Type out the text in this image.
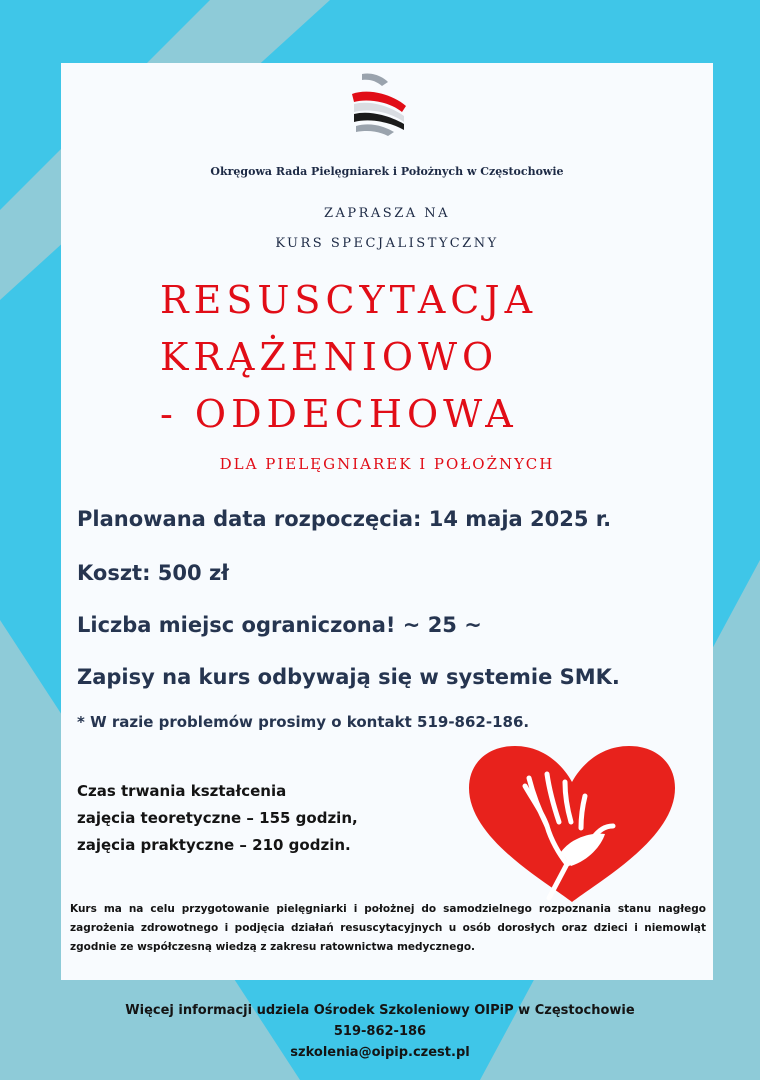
Okręgowa Rada Pielęgniarek i Położnych w Częstochowie
ZAPRASZA NA
KURS SPECJALISTYCZNY
RESUSCYTACJA
KRĄŻENIOWO
- ODDECHOWA
DLA PIELĘGNIAREK I POŁOŻNYCH
Planowana data rozpoczęcia: 14 maja 2025 r.
Koszt: 500 zł
Liczba miejsc ograniczona! ~ 25 ~
Zapisy na kurs odbywają się w systemie SMK.
* W razie problemów prosimy o kontakt 519-862-186.
Czas trwania kształcenia
zajęcia teoretyczne – 155 godzin,
zajęcia praktyczne – 210 godzin.
Kurs ma na celu przygotowanie pielęgniarki i położnej do samodzielnego rozpoznania stanu nagłego zagrożenia zdrowotnego i podjęcia działań resuscytacyjnych u osób dorosłych oraz dzieci i niemowląt zgodnie ze współczesną wiedzą z zakresu ratownictwa medycznego.
Więcej informacji udziela Ośrodek Szkoleniowy OIPiP w Częstochowie
519-862-186
szkolenia@oipip.czest.pl
